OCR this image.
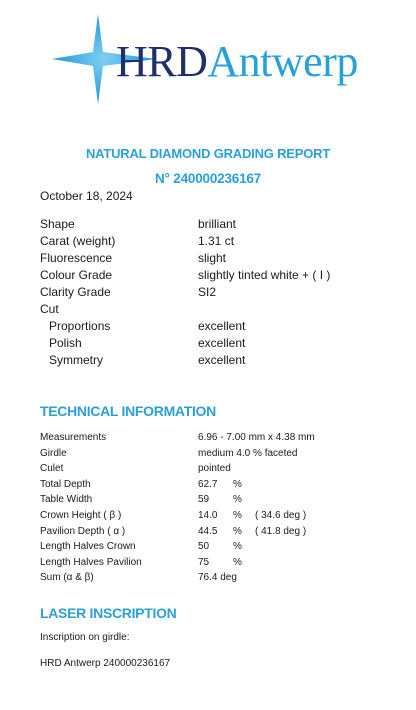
HRDAntwerp
NATURAL DIAMOND GRADING REPORT
N° 240000236167
October 18, 2024
Shape	brilliant
Carat (weight)	1.31 ct
Fluorescence	slight
Colour Grade	slightly tinted white + ( I )
Clarity Grade	SI2
Cut
Proportions	excellent
Polish	excellent
Symmetry	excellent
TECHNICAL INFORMATION
Measurements	6.96 - 7.00 mm x 4.38 mm
Girdle	medium 4.0 % faceted
Culet	pointed
Total Depth	62.7 %
Table Width	59 %
Crown Height ( β )	14.0 % ( 34.6 deg )
Pavilion Depth ( α )	44.5 % ( 41.8 deg )
Length Halves Crown	50 %
Length Halves Pavilion	75 %
Sum (α & β)	76.4 deg
LASER INSCRIPTION
Inscription on girdle:
HRD Antwerp 240000236167
